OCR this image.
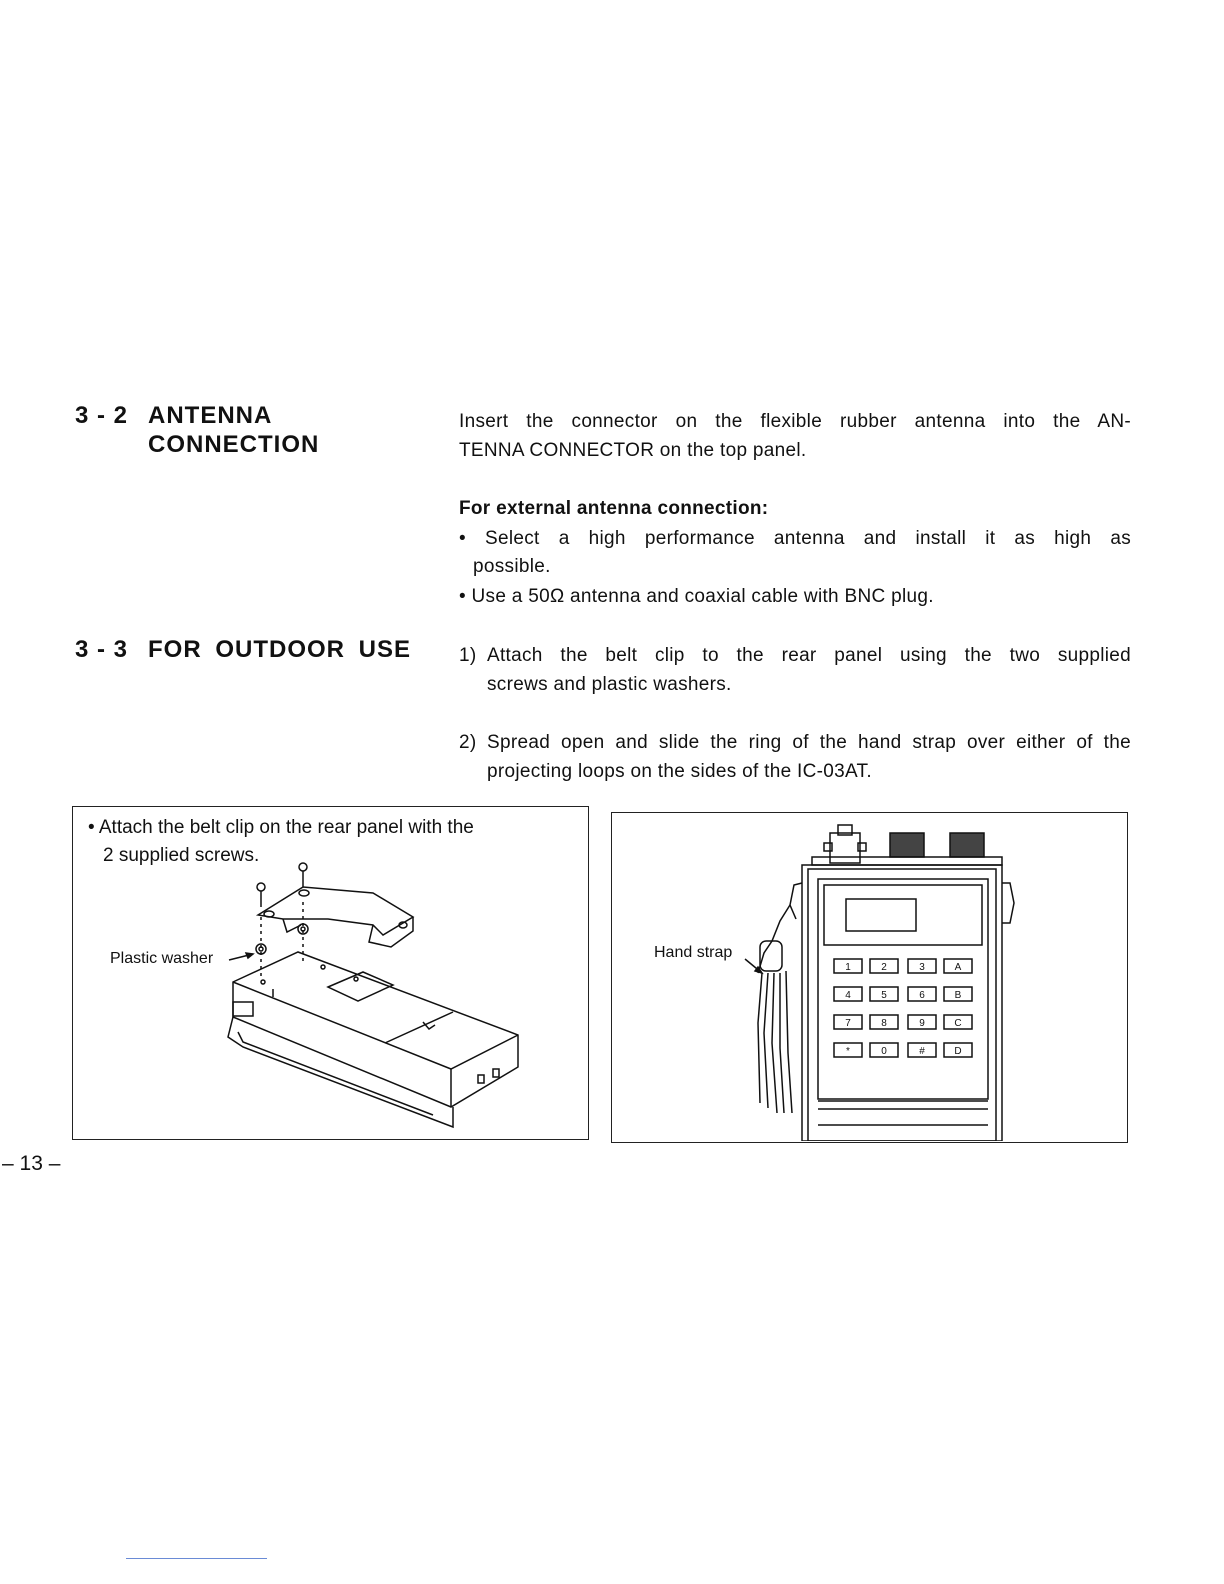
3 - 2 ANTENNA
CONNECTION
Insert the connector on the flexible rubber antenna into the AN-
TENNA CONNECTOR on the top panel.
For external antenna connection:
• Select a high performance antenna and install it as high as
possible.
• Use a 50Ω antenna and coaxial cable with BNC plug.
3 - 3 FOR OUTDOOR USE	1) Attach the belt clip to the rear panel using the two supplied
screws and plastic washers.
2) Spread open and slide the ring of the hand strap over either of the
projecting loops on the sides of the IC-03AT.
• Attach the belt clip on the rear panel with the
2 supplied screws.
Plastic washer	Hand strap
1	2	3	A
4	5	6	B
7	8	9	C
*	0	#	D
– 13 –
